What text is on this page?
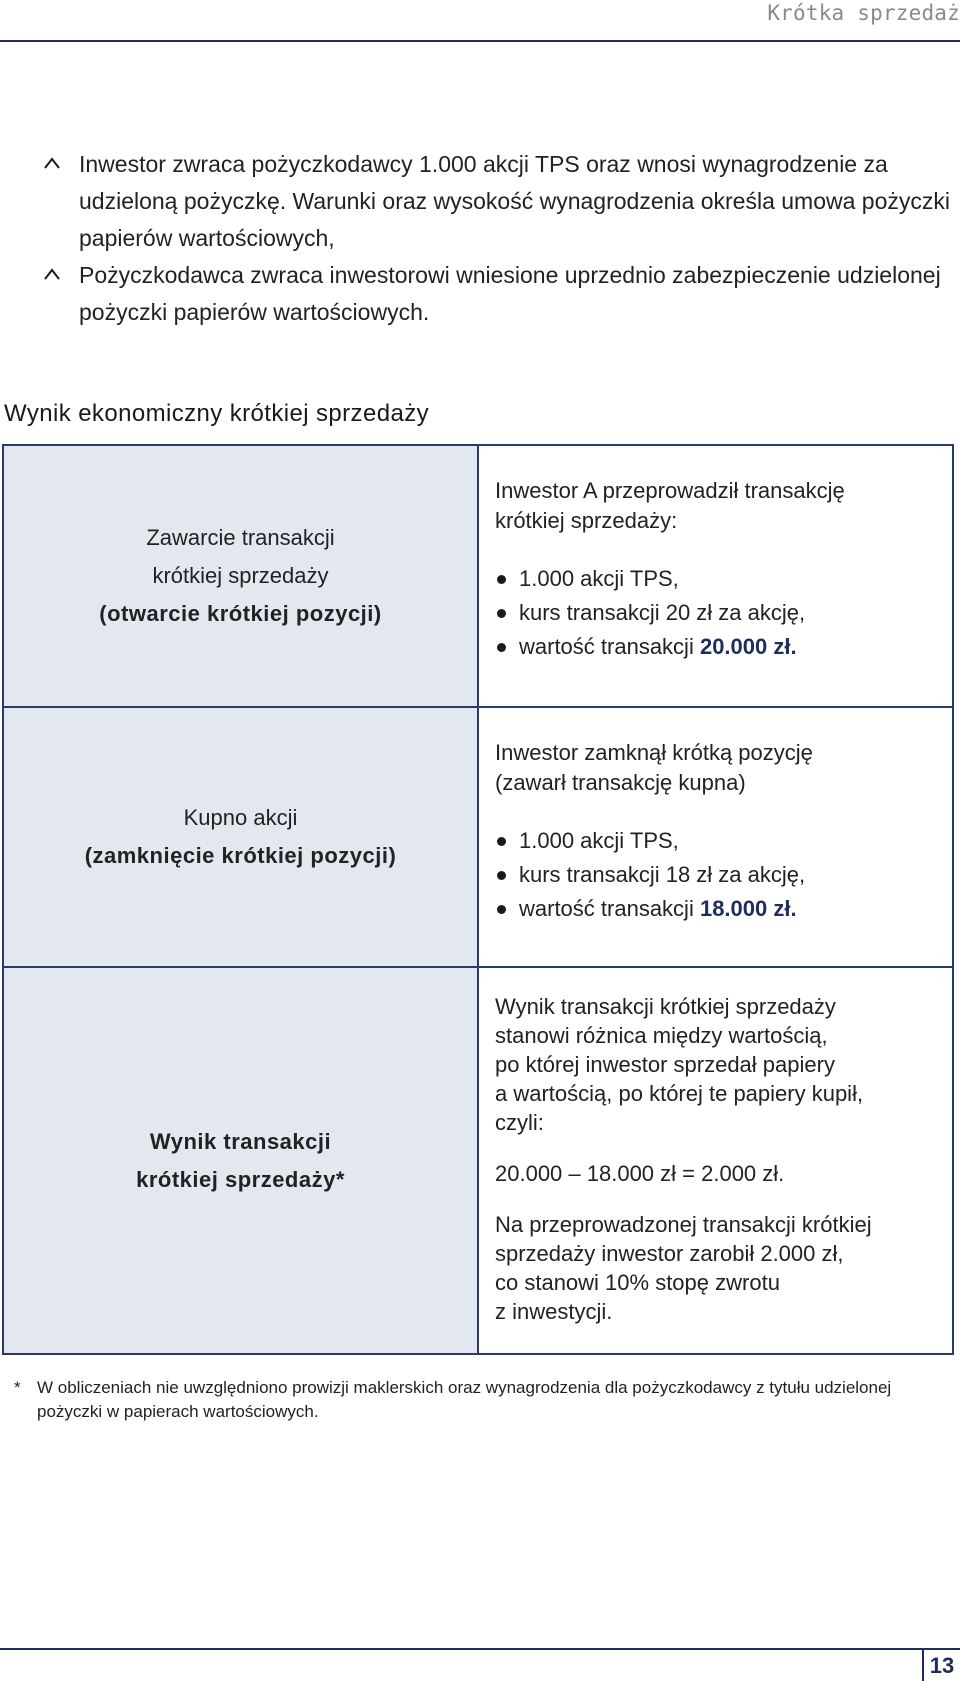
Krótka sprzedaż
Inwestor zwraca pożyczkodawcy 1.000 akcji TPS oraz wnosi wynagrodzenie za udzieloną pożyczkę. Warunki oraz wysokość wynagrodzenia określa umowa pożyczki papierów wartościowych,
Pożyczkodawca zwraca inwestorowi wniesione uprzednio zabezpieczenie udzielonej pożyczki papierów wartościowych.
Wynik ekonomiczny krótkiej sprzedaży
Zawarcie transakcji
krótkiej sprzedaży
(otwarcie krótkiej pozycji)
Inwestor A przeprowadził transakcję
krótkiej sprzedaży:
1.000 akcji TPS,
kurs transakcji 20 zł za akcję,
wartość transakcji 20.000 zł.
Kupno akcji
(zamknięcie krótkiej pozycji)
Inwestor zamknął krótką pozycję
(zawarł transakcję kupna)
1.000 akcji TPS,
kurs transakcji 18 zł za akcję,
wartość transakcji 18.000 zł.
Wynik transakcji
krótkiej sprzedaży*
Wynik transakcji krótkiej sprzedaży
stanowi różnica między wartością,
po której inwestor sprzedał papiery
a wartością, po której te papiery kupił,
czyli:
20.000 – 18.000 zł = 2.000 zł.
Na przeprowadzonej transakcji krótkiej
sprzedaży inwestor zarobił 2.000 zł,
co stanowi 10% stopę zwrotu
z inwestycji.
* W obliczeniach nie uwzględniono prowizji maklerskich oraz wynagrodzenia dla pożyczkodawcy z tytułu udzielonej pożyczki w papierach wartościowych.
13
